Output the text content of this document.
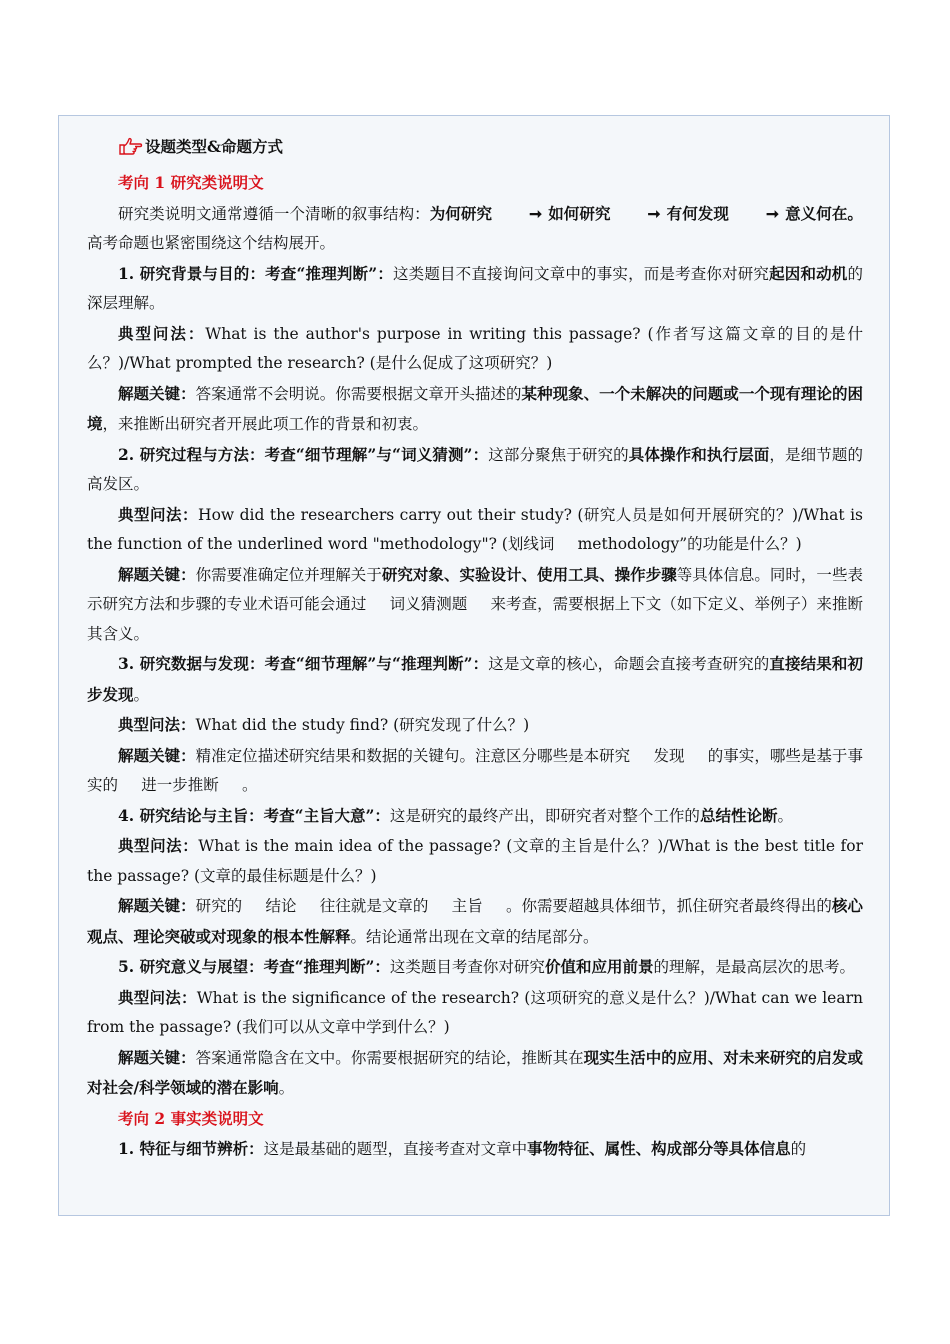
设题类型&命题方式

考向 1 研究类说明文

研究类说明文通常遵循一个清晰的叙事结构：为何研究 ➞ 如何研究 ➞ 有何发现 ➞ 意义何在。高考命题也紧密围绕这个结构展开。

1. 研究背景与目的：考查“推理判断”：这类题目不直接询问文章中的事实，而是考查你对研究起因和动机的深层理解。

典型问法：What is the author's purpose in writing this passage? (作者写这篇文章的目的是什么？)/What prompted the research? (是什么促成了这项研究？)

解题关键：答案通常不会明说。你需要根据文章开头描述的某种现象、一个未解决的问题或一个现有理论的困境，来推断出研究者开展此项工作的背景和初衷。

2. 研究过程与方法：考查“细节理解”与“词义猜测”：这部分聚焦于研究的具体操作和执行层面，是细节题的高发区。

典型问法：How did the researchers carry out their study? (研究人员是如何开展研究的？)/What is the function of the underlined word "methodology"? (划线词 methodology”的功能是什么？)

解题关键：你需要准确定位并理解关于研究对象、实验设计、使用工具、操作步骤等具体信息。同时，一些表示研究方法和步骤的专业术语可能会通过 词义猜测题 来考查，需要根据上下文（如下定义、举例子）来推断其含义。

3. 研究数据与发现：考查“细节理解”与“推理判断”：这是文章的核心，命题会直接考查研究的直接结果和初步发现。

典型问法：What did the study find? (研究发现了什么？)

解题关键：精准定位描述研究结果和数据的关键句。注意区分哪些是本研究 发现 的事实，哪些是基于事实的 进一步推断 。

4. 研究结论与主旨：考查“主旨大意”：这是研究的最终产出，即研究者对整个工作的总结性论断。

典型问法：What is the main idea of the passage? (文章的主旨是什么？)/What is the best title for the passage? (文章的最佳标题是什么？)

解题关键：研究的 结论 往往就是文章的 主旨 。你需要超越具体细节，抓住研究者最终得出的核心观点、理论突破或对现象的根本性解释。结论通常出现在文章的结尾部分。

5. 研究意义与展望：考查“推理判断”：这类题目考查你对研究价值和应用前景的理解，是最高层次的思考。

典型问法：What is the significance of the research? (这项研究的意义是什么？)/What can we learn from the passage? (我们可以从文章中学到什么？)

解题关键：答案通常隐含在文中。你需要根据研究的结论，推断其在现实生活中的应用、对未来研究的启发或对社会/科学领域的潜在影响。

考向 2 事实类说明文

1. 特征与细节辨析：这是最基础的题型，直接考查对文章中事物特征、属性、构成部分等具体信息的
